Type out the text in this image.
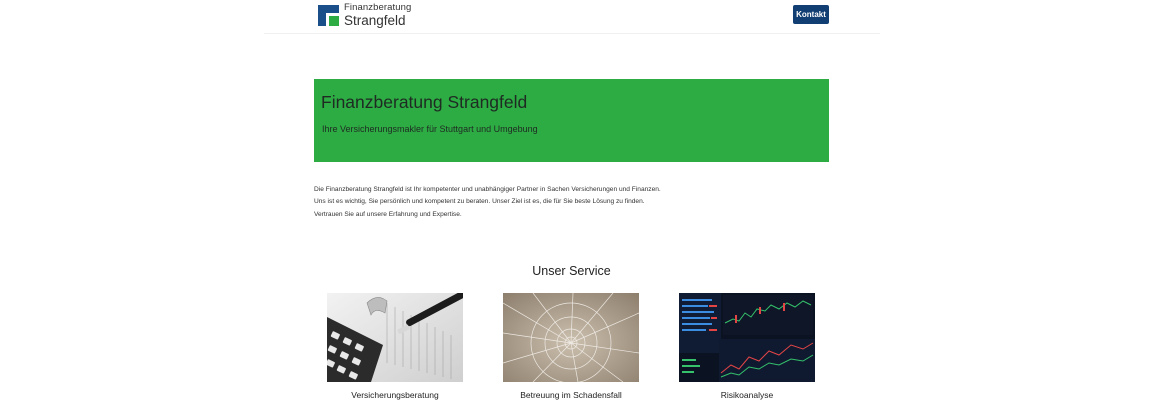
Finanzberatung
Strangfeld	Kontakt
Finanzberatung Strangfeld

Ihre Versicherungsmakler für Stuttgart und Umgebung

Die Finanzberatung Strangfeld ist Ihr kompetenter und unabhängiger Partner in Sachen Versicherungen und Finanzen.

Uns ist es wichtig, Sie persönlich und kompetent zu beraten. Unser Ziel ist es, die für Sie beste Lösung zu finden.

Vertrauen Sie auf unsere Erfahrung und Expertise.

Unser Service
Versicherungsberatung	Betreuung im Schadensfall	Risikoanalyse
